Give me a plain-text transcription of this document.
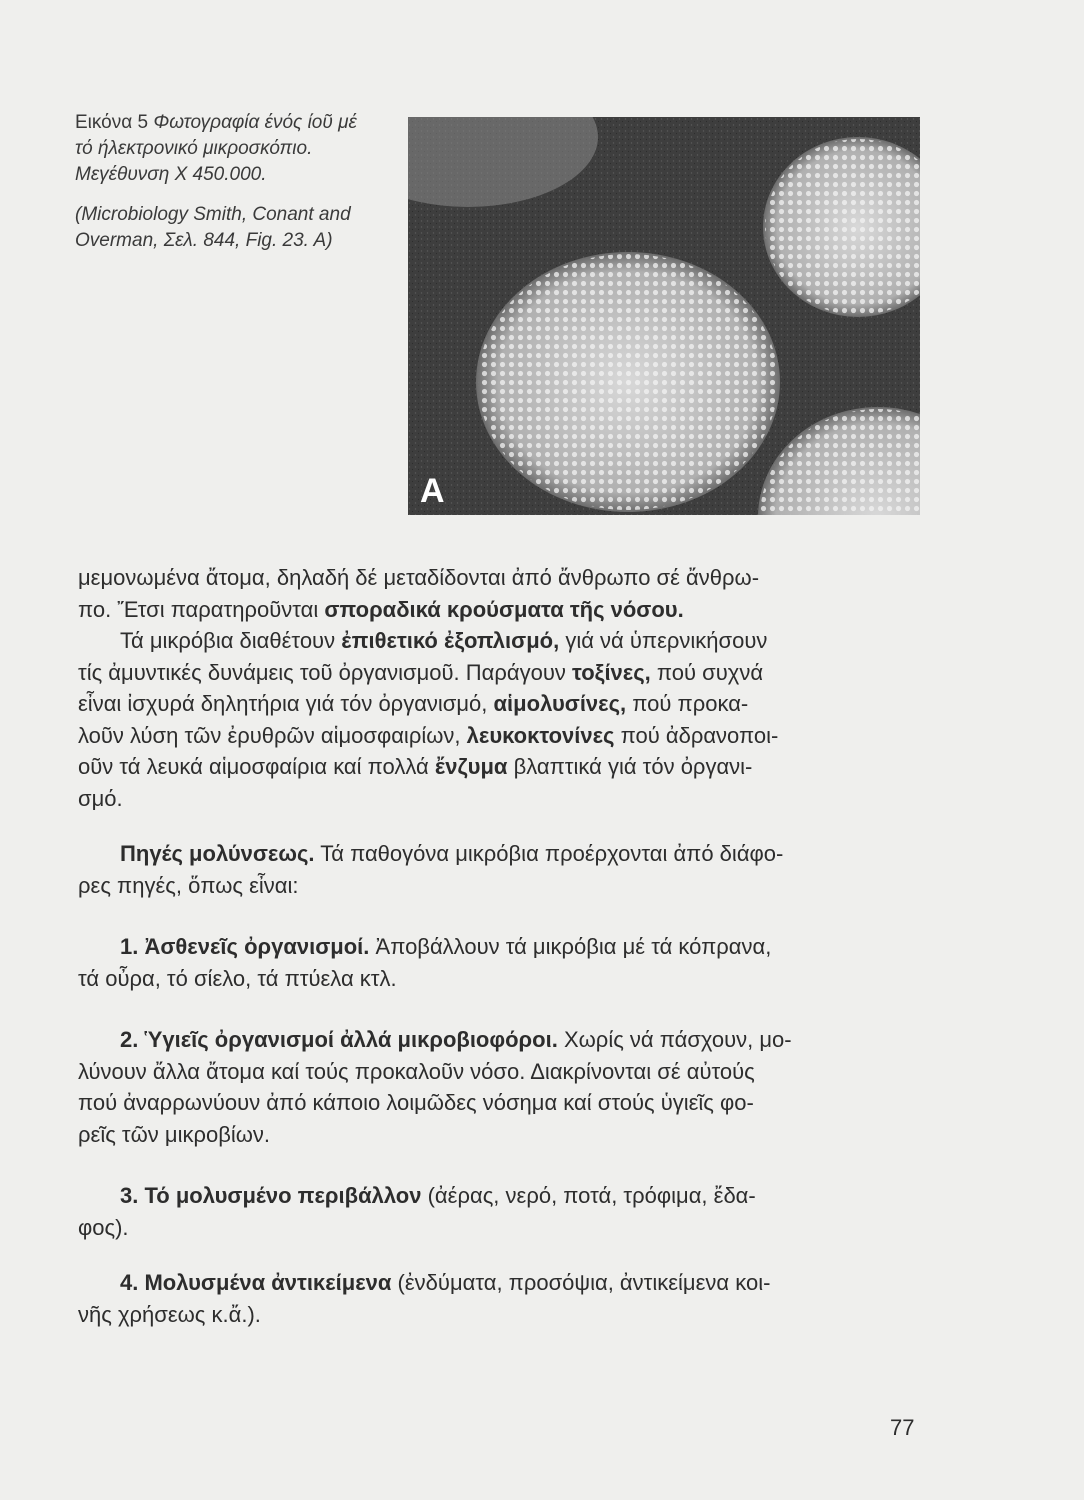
Εικόνα 5 Φωτογραφία ένός ίοῦ μέ τό ήλεκτρονικό μικροσκόπιο. Μεγέθυνση Χ 450.000.

(Microbiology Smith, Conant and Overman, Σελ. 844, Fig. 23. A)

Α
μεμονωμένα ἄτομα, δηλαδή δέ μεταδίδονται ἀπό ἄνθρωπο σέ ἄνθρω-
πο. Ἔτσι παρατηροῦνται σποραδικά κρούσματα τῆς νόσου.
Τά μικρόβια διαθέτουν ἐπιθετικό ἐξοπλισμό, γιά νά ὑπερνικήσουν
τίς ἀμυντικές δυνάμεις τοῦ ὀργανισμοῦ. Παράγουν τοξίνες, πού συχνά
εἶναι ἰσχυρά δηλητήρια γιά τόν ὀργανισμό, αἱμολυσίνες, πού προκα-
λοῦν λύση τῶν ἐρυθρῶν αἱμοσφαιρίων, λευκοκτονίνες πού ἀδρανοποι-
οῦν τά λευκά αἱμοσφαίρια καί πολλά ἔνζυμα βλαπτικά γιά τόν ὀργανι-
σμό.
Πηγές μολύνσεως. Τά παθογόνα μικρόβια προέρχονται ἀπό διάφο-
ρες πηγές, ὅπως εἶναι:
1. Ἀσθενεῖς ὀργανισμοί. Ἀποβάλλουν τά μικρόβια μέ τά κόπρανα,
τά οὖρα, τό σίελο, τά πτύελα κτλ.
2. Ὑγιεῖς ὀργανισμοί ἀλλά μικροβιοφόροι. Χωρίς νά πάσχουν, μο-
λύνουν ἄλλα ἄτομα καί τούς προκαλοῦν νόσο. Διακρίνονται σέ αὐτούς
πού ἀναρρωνύουν ἀπό κάποιο λοιμῶδες νόσημα καί στούς ὑγιεῖς φο-
ρεῖς τῶν μικροβίων.
3. Τό μολυσμένο περιβάλλον (ἀέρας, νερό, ποτά, τρόφιμα, ἔδα-
φος).
4. Μολυσμένα ἀντικείμενα (ἐνδύματα, προσόψια, ἀντικείμενα κοι-
νῆς χρήσεως κ.ἄ.).
77
